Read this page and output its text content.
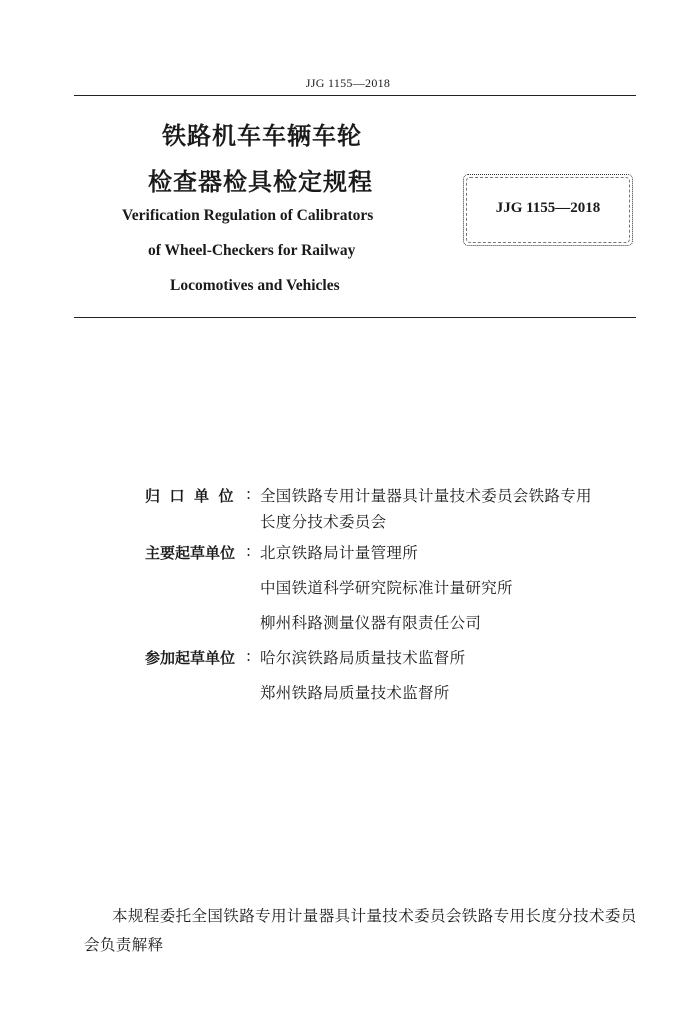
JJG 1155—2018
铁路机车车辆车轮
检查器检具检定规程
Verification Regulation of Calibrators
of Wheel-Checkers for Railway
Locomotives and Vehicles
JJG 1155—2018
归口单位 : 全国铁路专用计量器具计量技术委员会铁路专用
长度分技术委员会
主要起草单位 : 北京铁路局计量管理所
中国铁道科学研究院标准计量研究所
柳州科路测量仪器有限责任公司
参加起草单位 : 哈尔滨铁路局质量技术监督所
郑州铁路局质量技术监督所

本规程委托全国铁路专用计量器具计量技术委员会铁路专用长度分技术委员会负责解释
